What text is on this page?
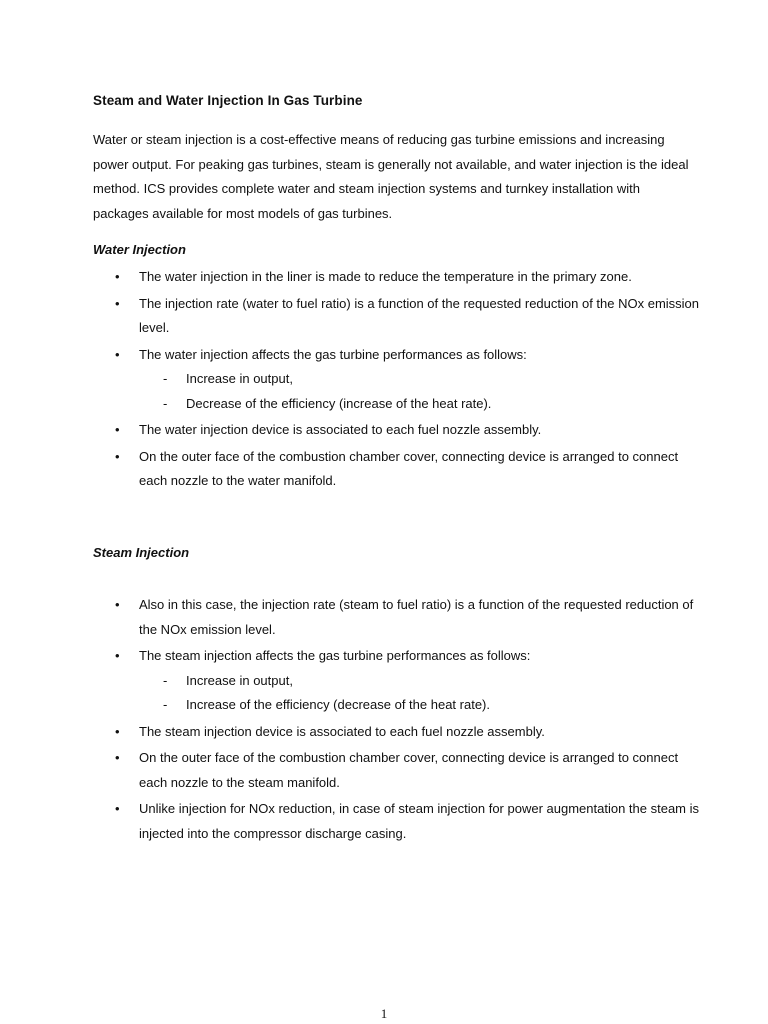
Steam and Water Injection In Gas Turbine

Water or steam injection is a cost-effective means of reducing gas turbine emissions and increasing power output. For peaking gas turbines, steam is generally not available, and water injection is the ideal method. ICS provides complete water and steam injection systems and turnkey installation with packages available for most models of gas turbines.

Water Injection
• The water injection in the liner is made to reduce the temperature in the primary zone.
• The injection rate (water to fuel ratio) is a function of the requested reduction of the NOx emission level.
• The water injection affects the gas turbine performances as follows:
- Increase in output,
- Decrease of the efficiency (increase of the heat rate).
• The water injection device is associated to each fuel nozzle assembly.
• On the outer face of the combustion chamber cover, connecting device is arranged to connect each nozzle to the water manifold.
Steam Injection
• Also in this case, the injection rate (steam to fuel ratio) is a function of the requested reduction of the NOx emission level.
• The steam injection affects the gas turbine performances as follows:
- Increase in output,
- Increase of the efficiency (decrease of the heat rate).
• The steam injection device is associated to each fuel nozzle assembly.
• On the outer face of the combustion chamber cover, connecting device is arranged to connect each nozzle to the steam manifold.
• Unlike injection for NOx reduction, in case of steam injection for power augmentation the steam is injected into the compressor discharge casing.
1
